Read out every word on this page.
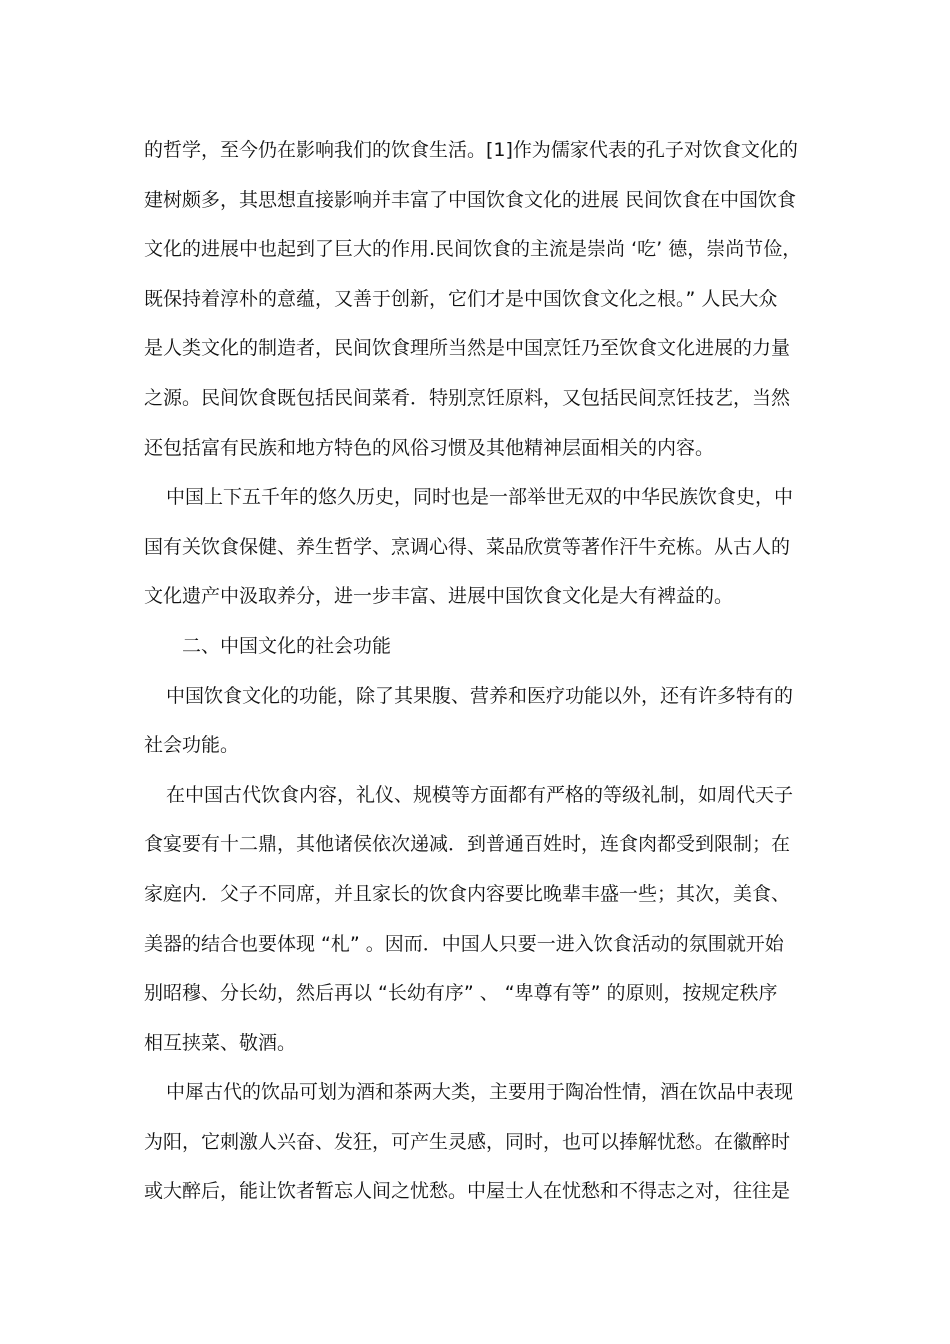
的哲学，至今仍在影响我们的饮食生活。[1]作为儒家代表的孔子对饮食文化的
建树颇多，其思想直接影响并丰富了中国饮食文化的进展 民间饮食在中国饮食
文化的进展中也起到了巨大的作用.民间饮食的主流是崇尚 ‘吃’ 德，崇尚节俭，
既保持着淳朴的意蕴，又善于创新，它们才是中国饮食文化之根。” 人民大众
是人类文化的制造者，民间饮食理所当然是中国烹饪乃至饮食文化进展的力量
之源。民间饮食既包括民间菜肴．特别烹饪原料，又包括民间烹饪技艺，当然
还包括富有民族和地方特色的风俗习惯及其他精神层面相关的内容。
中国上下五千年的悠久历史，同时也是一部举世无双的中华民族饮食史，中
国有关饮食保健、养生哲学、烹调心得、菜品欣赏等著作汗牛充栋。从古人的
文化遗产中汲取养分，进一步丰富、进展中国饮食文化是大有裨益的。
二、中国文化的社会功能
中国饮食文化的功能，除了其果腹、营养和医疗功能以外，还有许多特有的
社会功能。
在中国古代饮食内容，礼仪、规模等方面都有严格的等级礼制，如周代天子
食宴要有十二鼎，其他诸侯依次递减．到普通百姓时，连食肉都受到限制；在
家庭内．父子不同席，并且家长的饮食内容要比晚辈丰盛一些；其次，美食、
美器的结合也要体现 “札” 。因而．中国人只要一进入饮食活动的氛围就开始
别昭穆、分长幼，然后再以 “长幼有序” 、 “卑尊有等” 的原则，按规定秩序
相互挟菜、敬酒。
中犀古代的饮品可划为酒和茶两大类，主要用于陶冶性情，酒在饮品中表现
为阳，它刺激人兴奋、发狂，可产生灵感，同时，也可以捧解忧愁。在徽醉时
或大醉后，能让饮者暂忘人间之忧愁。中屋士人在忧愁和不得志之对，往往是
